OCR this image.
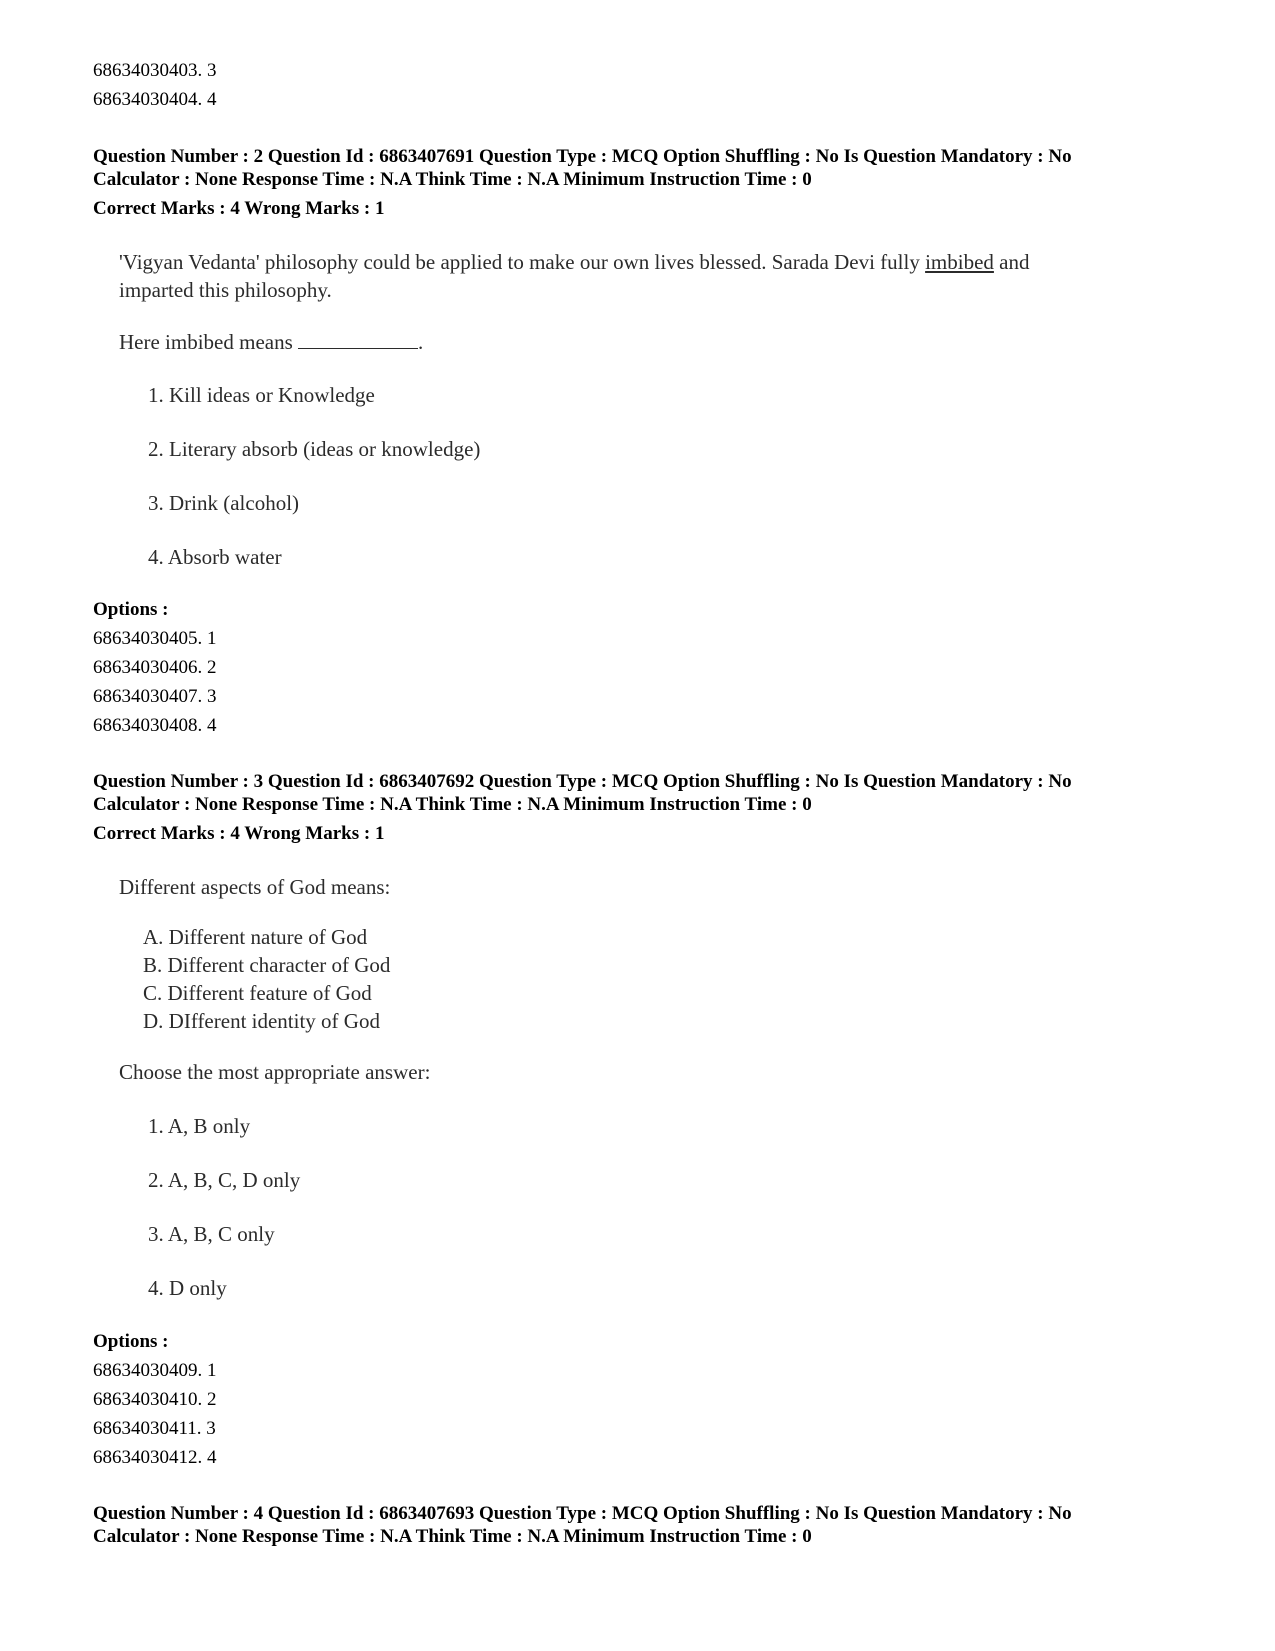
68634030403. 3
68634030404. 4
Question Number : 2 Question Id : 6863407691 Question Type : MCQ Option Shuffling : No Is Question Mandatory : No
Calculator : None Response Time : N.A Think Time : N.A Minimum Instruction Time : 0
Correct Marks : 4 Wrong Marks : 1
'Vigyan Vedanta' philosophy could be applied to make our own lives blessed. Sarada Devi fully imbibed and
imparted this philosophy.
Here imbibed means	.
1. Kill ideas or Knowledge
2. Literary absorb (ideas or knowledge)
3. Drink (alcohol)
4. Absorb water
Options :
68634030405. 1
68634030406. 2
68634030407. 3
68634030408. 4
Question Number : 3 Question Id : 6863407692 Question Type : MCQ Option Shuffling : No Is Question Mandatory : No
Calculator : None Response Time : N.A Think Time : N.A Minimum Instruction Time : 0
Correct Marks : 4 Wrong Marks : 1
Different aspects of God means:
A. Different nature of God
B. Different character of God
C. Different feature of God
D. DIfferent identity of God
Choose the most appropriate answer:
1. A, B only
2. A, B, C, D only
3. A, B, C only
4. D only
Options :
68634030409. 1
68634030410. 2
68634030411. 3
68634030412. 4
Question Number : 4 Question Id : 6863407693 Question Type : MCQ Option Shuffling : No Is Question Mandatory : No
Calculator : None Response Time : N.A Think Time : N.A Minimum Instruction Time : 0
